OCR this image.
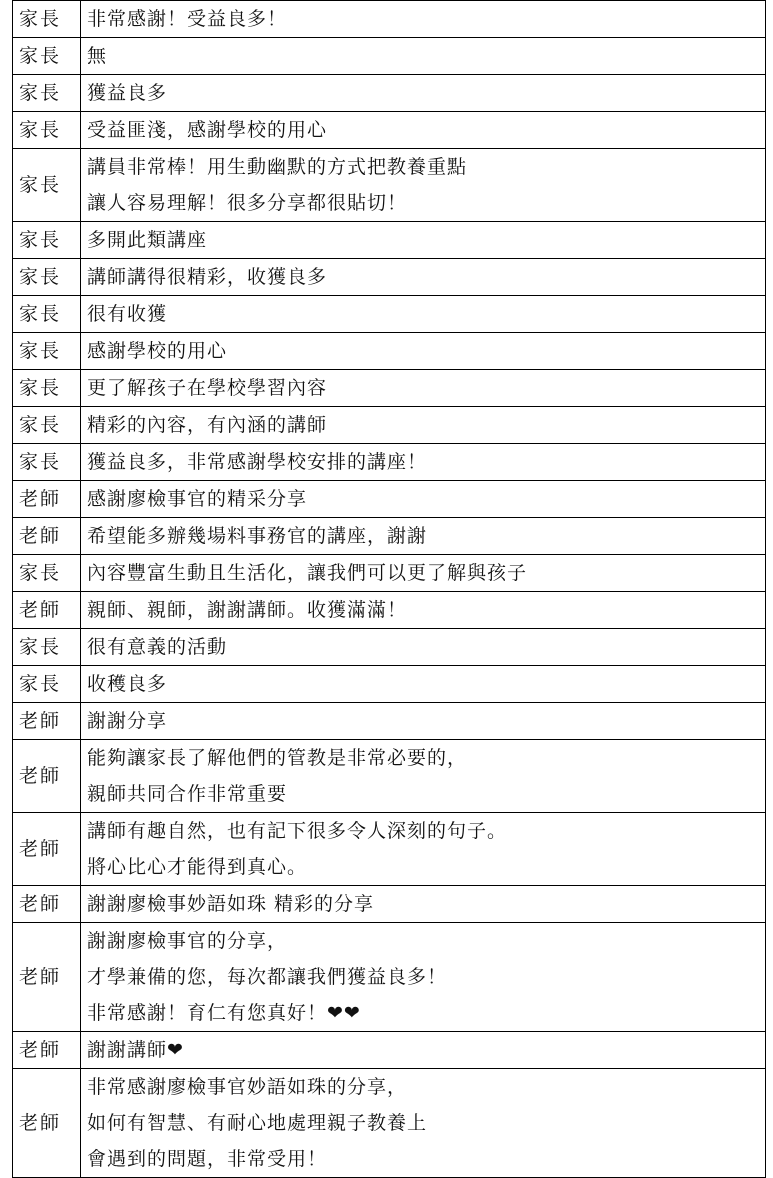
家長	非常感謝！受益良多！

家長	無

家長	獲益良多

家長	受益匪淺，感謝學校的用心

家長	講員非常棒！用生動幽默的方式把教養重點
讓人容易理解！很多分享都很貼切！

家長	多開此類講座

家長	講師講得很精彩，收獲良多

家長	很有收獲

家長	感謝學校的用心

家長	更了解孩子在學校學習內容

家長	精彩的內容，有內涵的講師

家長	獲益良多，非常感謝學校安排的講座！

老師	感謝廖檢事官的精采分享

老師	希望能多辦幾場料事務官的講座，謝謝

家長	內容豐富生動且生活化，讓我們可以更了解與孩子

老師	親師、親師，謝謝講師。收獲滿滿！

家長	很有意義的活動

家長	收穫良多

老師	謝謝分享

老師	能夠讓家長了解他們的管教是非常必要的，
親師共同合作非常重要

老師	講師有趣自然，也有記下很多令人深刻的句子。
將心比心才能得到真心。

老師	謝謝廖檢事妙語如珠 精彩的分享

老師	謝謝廖檢事官的分享，
才學兼備的您，每次都讓我們獲益良多！
非常感謝！育仁有您真好！❤❤

老師	謝謝講師❤

老師	非常感謝廖檢事官妙語如珠的分享，
如何有智慧、有耐心地處理親子教養上
會遇到的問題，非常受用！
